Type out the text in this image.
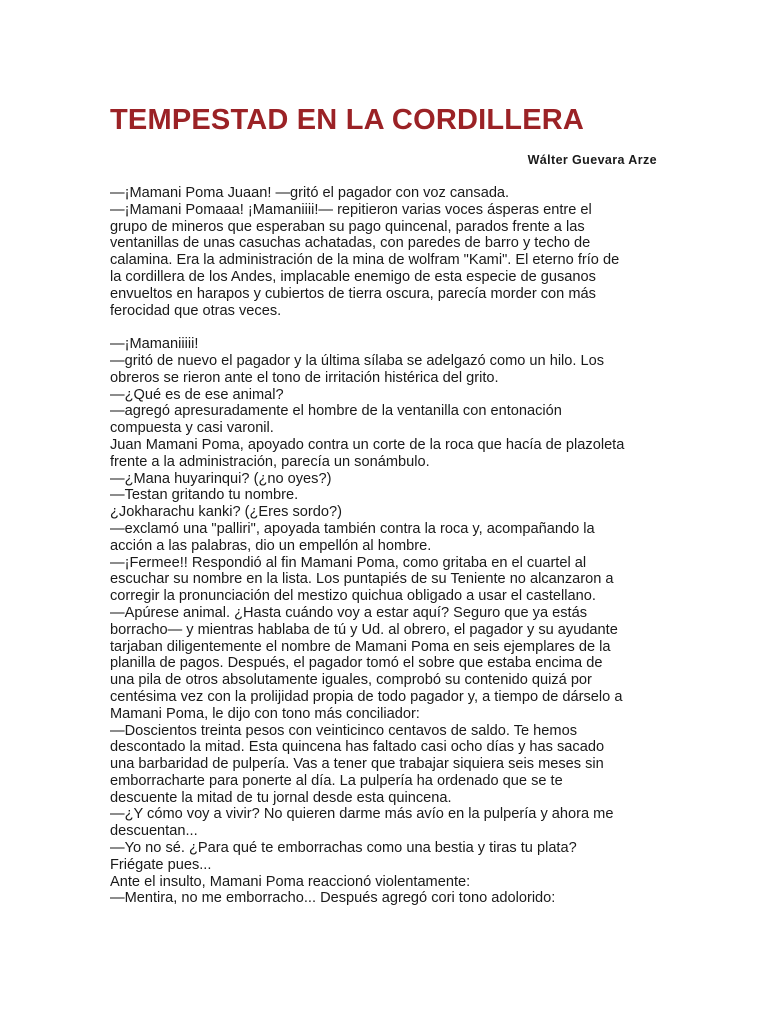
TEMPESTAD EN LA CORDILLERA
Wálter Guevara Arze
—¡Mamani Poma Juaan! —gritó el pagador con voz cansada.
—¡Mamani Pomaaa! ¡Mamaniiii!— repitieron varias voces ásperas entre el
grupo de mineros que esperaban su pago quincenal, parados frente a las
ventanillas de unas casuchas achatadas, con paredes de barro y techo de
calamina. Era la administración de la mina de wolfram "Kami". El eterno frío de
la cordillera de los Andes, implacable enemigo de esta especie de gusanos
envueltos en harapos y cubiertos de tierra oscura, parecía morder con más
ferocidad que otras veces.
—¡Mamaniiiii!
—gritó de nuevo el pagador y la última sílaba se adelgazó como un hilo. Los
obreros se rieron ante el tono de irritación histérica del grito.
—¿Qué es de ese animal?
—agregó apresuradamente el hombre de la ventanilla con entonación
compuesta y casi varonil.
Juan Mamani Poma, apoyado contra un corte de la roca que hacía de plazoleta
frente a la administración, parecía un sonámbulo.
—¿Mana huyarinqui? (¿no oyes?)
—Testan gritando tu nombre.
¿Jokharachu kanki? (¿Eres sordo?)
—exclamó una "palliri", apoyada también contra la roca y, acompañando la
acción a las palabras, dio un empellón al hombre.
—¡Fermee!! Respondió al fin Mamani Poma, como gritaba en el cuartel al
escuchar su nombre en la lista. Los puntapiés de su Teniente no alcanzaron a
corregir la pronunciación del mestizo quichua obligado a usar el castellano.
—Apúrese animal. ¿Hasta cuándo voy a estar aquí? Seguro que ya estás
borracho— y mientras hablaba de tú y Ud. al obrero, el pagador y su ayudante
tarjaban diligentemente el nombre de Mamani Poma en seis ejemplares de la
planilla de pagos. Después, el pagador tomó el sobre que estaba encima de
una pila de otros absolutamente iguales, comprobó su contenido quizá por
centésima vez con la prolijidad propia de todo pagador y, a tiempo de dárselo a
Mamani Poma, le dijo con tono más conciliador:
—Doscientos treinta pesos con veinticinco centavos de saldo. Te hemos
descontado la mitad. Esta quincena has faltado casi ocho días y has sacado
una barbaridad de pulpería. Vas a tener que trabajar siquiera seis meses sin
emborracharte para ponerte al día. La pulpería ha ordenado que se te
descuente la mitad de tu jornal desde esta quincena.
—¿Y cómo voy a vivir? No quieren darme más avío en la pulpería y ahora me
descuentan...
—Yo no sé. ¿Para qué te emborrachas como una bestia y tiras tu plata?
Friégate pues...
Ante el insulto, Mamani Poma reaccionó violentamente:
—Mentira, no me emborracho... Después agregó cori tono adolorido:
